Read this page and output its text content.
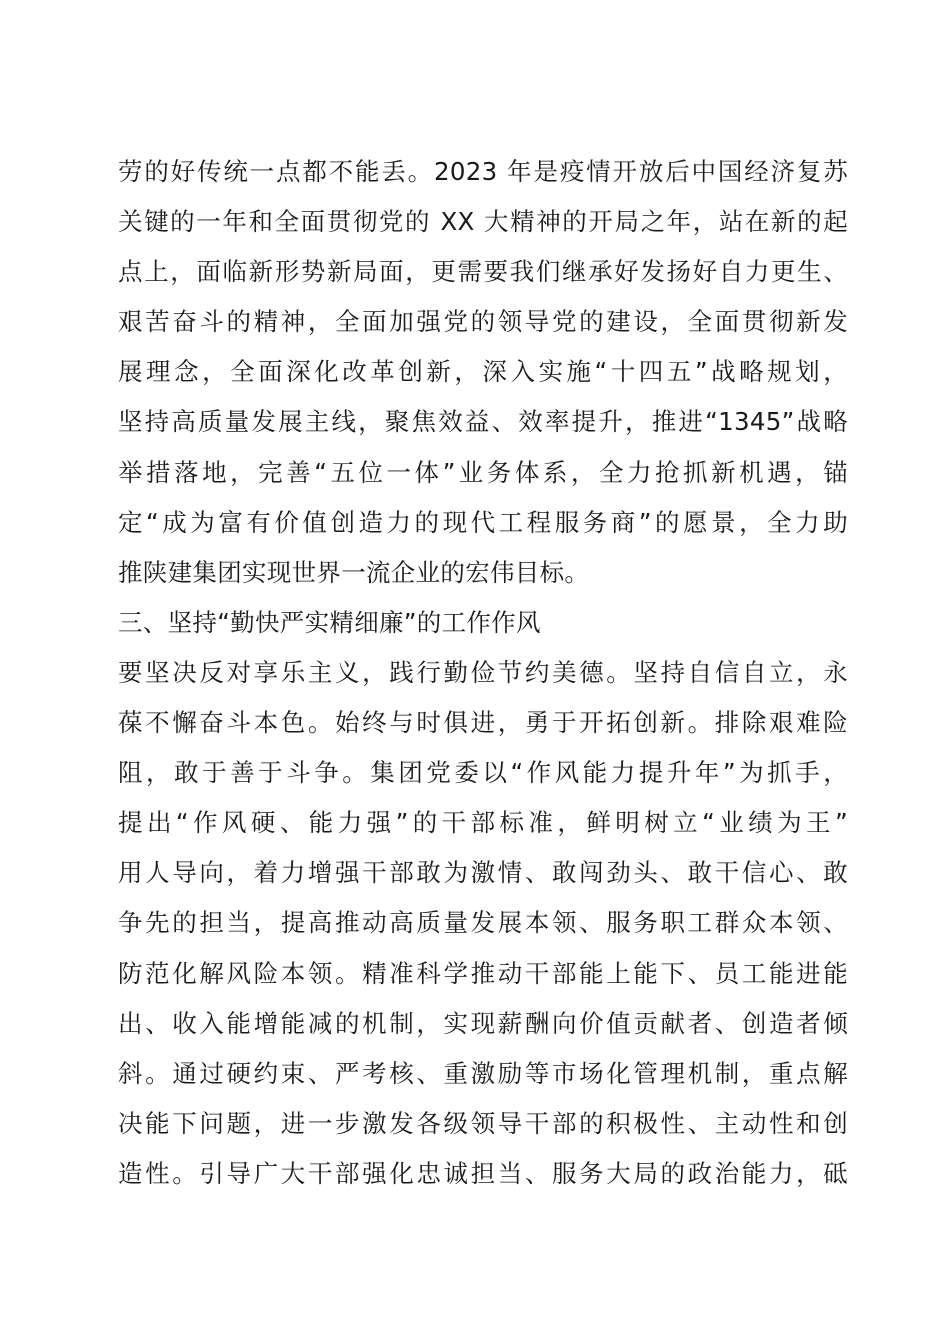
劳的好传统一点都不能丢。2023 年是疫情开放后中国经济复苏
关键的一年和全面贯彻党的 XX 大精神的开局之年，站在新的起
点上，面临新形势新局面，更需要我们继承好发扬好自力更生、
艰苦奋斗的精神，全面加强党的领导党的建设，全面贯彻新发
展理念，全面深化改革创新，深入实施“十四五”战略规划，
坚持高质量发展主线，聚焦效益、效率提升，推进“1345”战略
举措落地，完善“五位一体”业务体系，全力抢抓新机遇，锚
定“成为富有价值创造力的现代工程服务商”的愿景，全力助
推陕建集团实现世界一流企业的宏伟目标。
三、坚持“勤快严实精细廉”的工作作风
要坚决反对享乐主义，践行勤俭节约美德。坚持自信自立，永
葆不懈奋斗本色。始终与时俱进，勇于开拓创新。排除艰难险
阻，敢于善于斗争。集团党委以“作风能力提升年”为抓手，
提出“作风硬、能力强”的干部标准，鲜明树立“业绩为王”
用人导向，着力增强干部敢为激情、敢闯劲头、敢干信心、敢
争先的担当，提高推动高质量发展本领、服务职工群众本领、
防范化解风险本领。精准科学推动干部能上能下、员工能进能
出、收入能增能减的机制，实现薪酬向价值贡献者、创造者倾
斜。通过硬约束、严考核、重激励等市场化管理机制，重点解
决能下问题，进一步激发各级领导干部的积极性、主动性和创
造性。引导广大干部强化忠诚担当、服务大局的政治能力，砥
